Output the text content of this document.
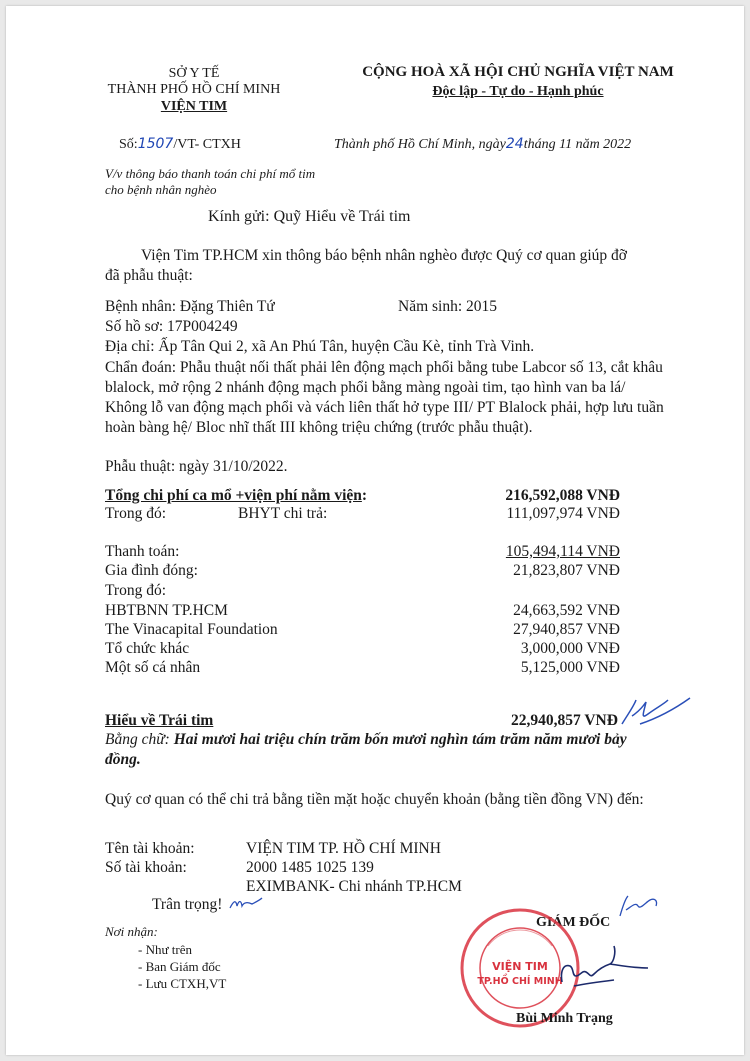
SỞ Y TẾ
THÀNH PHỐ HỒ CHÍ MINH
VIỆN TIM
CỘNG HOÀ XÃ HỘI CHỦ NGHĨA VIỆT NAM
Độc lập - Tự do - Hạnh phúc
Số:1507/VT- CTXH	Thành phố Hồ Chí Minh, ngày24tháng 11 năm 2022
V/v thông báo thanh toán chi phí mổ tim
cho bệnh nhân nghèo
Kính gửi: Quỹ Hiểu về Trái tim
Viện Tim TP.HCM xin thông báo bệnh nhân nghèo được Quý cơ quan giúp đỡ đã phẫu thuật:
Bệnh nhân: Đặng Thiên Tứ	Năm sinh: 2015
Số hồ sơ: 17P004249
Địa chỉ: Ấp Tân Qui 2, xã An Phú Tân, huyện Cầu Kè, tỉnh Trà Vinh.
Chẩn đoán: Phẫu thuật nối thất phải lên động mạch phổi bằng tube Labcor số 13, cắt khâu blalock, mở rộng 2 nhánh động mạch phổi bằng màng ngoài tim, tạo hình van ba lá/ Không lỗ van động mạch phổi và vách liên thất hở type III/ PT Blalock phải, hợp lưu tuần hoàn bàng hệ/ Bloc nhĩ thất III không triệu chứng (trước phẫu thuật).
Phẫu thuật: ngày 31/10/2022.
Tổng chi phí ca mổ +viện phí nằm viện:	216,592,088 VNĐ
Trong đó:	BHYT chi trả:	111,097,974 VNĐ
Thanh toán:	105,494,114 VNĐ
Gia đình đóng:	21,823,807 VNĐ
Trong đó:
HBTBNN TP.HCM	24,663,592 VNĐ
The Vinacapital Foundation	27,940,857 VNĐ
Tổ chức khác	3,000,000 VNĐ
Một số cá nhân	5,125,000 VNĐ
Hiểu về Trái tim	22,940,857 VNĐ
Bằng chữ: Hai mươi hai triệu chín trăm bốn mươi nghìn tám trăm năm mươi bảy đồng.
Quý cơ quan có thể chi trả bằng tiền mặt hoặc chuyển khoản (bằng tiền đồng VN) đến:
Tên tài khoản:	VIỆN TIM TP. HỒ CHÍ MINH
Số tài khoản:	2000 1485 1025 139
EXIMBANK- Chi nhánh TP.HCM
Trân trọng!
Nơi nhận:
- Như trên
- Ban Giám đốc
- Lưu CTXH,VT
GIÁM ĐỐC
VIỆN TIM
TP.HỒ CHÍ MINH
Bùi Minh Trạng
